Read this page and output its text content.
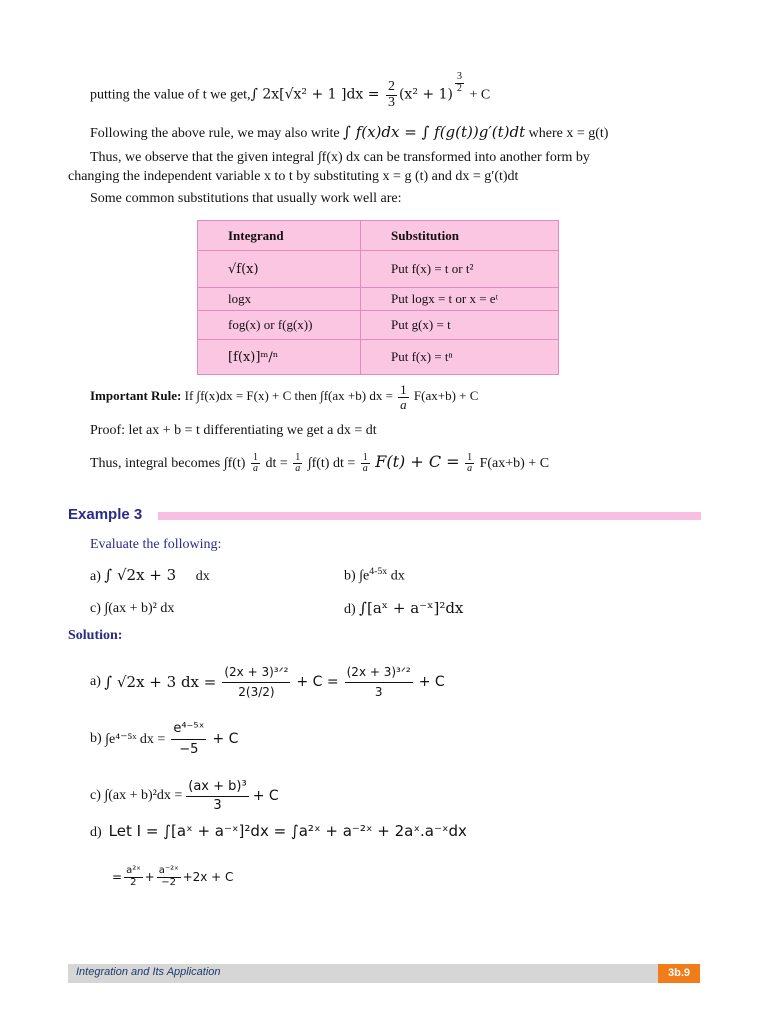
putting the value of t we get,∫ 2x[√x² + 1 ]$dx = \frac{2}{3} (x^2 + 1)$
$\frac{3}{2}$
+ C
Following the above rule, we may also write ∫ f(x)dx = ∫ f(g(t))g′(t)dt where x = g(t)
Thus, we observe that the given integral ∫f(x) dx can be transformed into another form by
changing the independent variable x to t by substituting x = g (t) and dx = g′(t)dt
Some common substitutions that usually work well are:
Integrand	Substitution
√f(x)	Put f(x) = t or t²
logx	Put logx = t or x = eᵗ
fog(x) or f(g(x))	Put g(x) = t
[f(x)]ᵐ/ⁿ	Put f(x) = tⁿ
Important Rule: If ∫f(x)dx = F(x) + C then ∫f(ax +b) dx = $\frac{1}{a} F(ax+b) + C$
Proof: let ax + b = t differentiating we get a dx = dt
Thus, integral becomes $\int f(t) \frac{1}{a}$ dt = $\frac{1}{a} \int f(t)$ dt = $\frac{1}{a} F(t) + C = \frac{1}{a} F(ax+b) + C$
Example 3
Evaluate the following:
a) ∫ √2x + 3 dx	b) $\int e^{4-5x}$ dx
c) ∫(ax + b)² dx	d) ∫[aˣ + a⁻ˣ]²dx
Solution:
a)
∫ √2x + 3 dx = $\frac{\text{(2x + 3)³ᐟ²}}{2(3/2)} + C = \frac{\text{(2x + 3)³ᐟ²}}{3} + C$
b)
∫e⁴⁻⁵ˣ dx = $\frac{\text{e⁴⁻⁵ˣ}}{-5} + C$
c)
$\int(ax + b)^2dx = \frac{\text{(ax + b)³}}{3} + C$
d) Let I = ∫[aˣ + a⁻ˣ]²dx = ∫a²ˣ + a⁻²ˣ + 2aˣ.a⁻ˣdx
= $\frac{\text{a²ˣ}}{2} + \frac{\text{a⁻²ˣ}}{-2} +2x + C$
Integration and Its Application	3b.9
